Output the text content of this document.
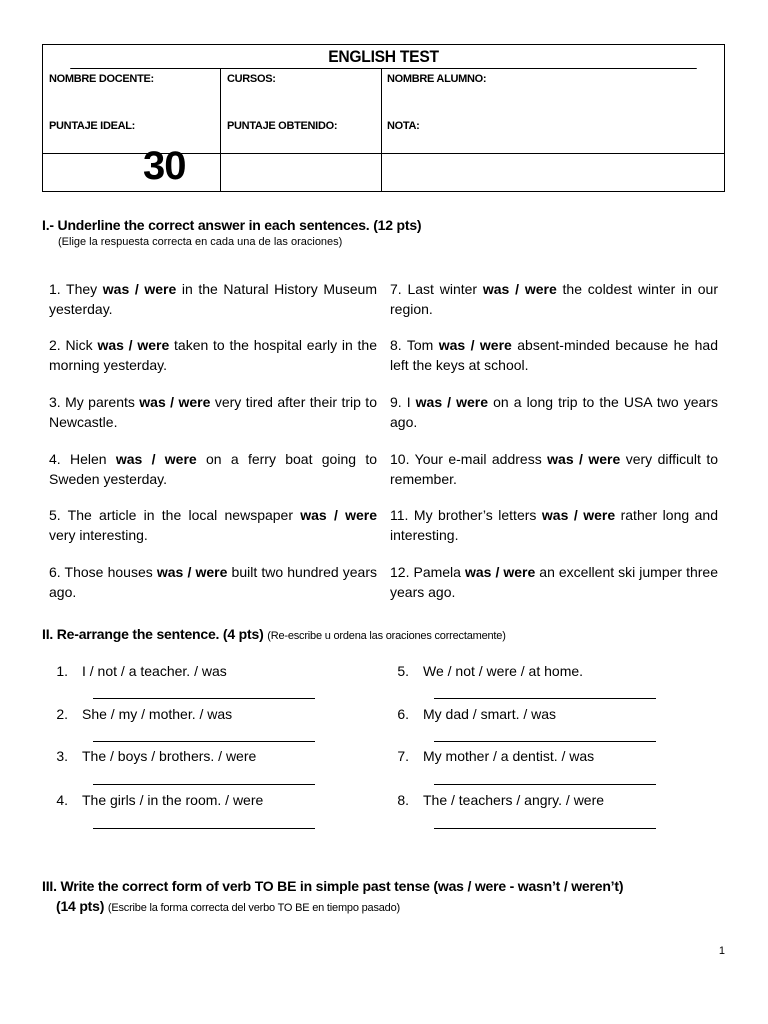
ENGLISH TEST
NOMBRE DOCENTE:	CURSOS:	NOMBRE ALUMNO:
PUNTAJE IDEAL:	PUNTAJE OBTENIDO:	NOTA:
30
I.- Underline the correct answer in each sentences. (12 pts)
(Elige la respuesta correcta en cada una de las oraciones)
1. They was / were in the Natural History Museum yesterday.
2. Nick was / were taken to the hospital early in the morning yesterday.
3. My parents was / were very tired after their trip to Newcastle.
4. Helen was / were on a ferry boat going to Sweden yesterday.
5. The article in the local newspaper was / were very interesting.
6. Those houses was / were built two hundred years ago.
7. Last winter was / were the coldest winter in our region.
8. Tom was / were absent-minded because he had left the keys at school.
9. I was / were on a long trip to the USA two years ago.
10. Your e-mail address was / were very difficult to remember.
11. My brother’s letters was / were rather long and interesting.
12. Pamela was / were an excellent ski jumper three years ago.
II. Re-arrange the sentence. (4 pts) (Re-escribe u ordena las oraciones correctamente)
1. I / not / a teacher. / was
2. She / my / mother. / was
3. The / boys / brothers. / were
4. The girls / in the room. / were
5. We / not / were / at home.
6. My dad / smart. / was
7. My mother / a dentist. / was
8. The / teachers / angry. / were
III. Write the correct form of verb TO BE in simple past tense (was / were - wasn’t / weren’t)
(14 pts) (Escribe la forma correcta del verbo TO BE en tiempo pasado)
1
